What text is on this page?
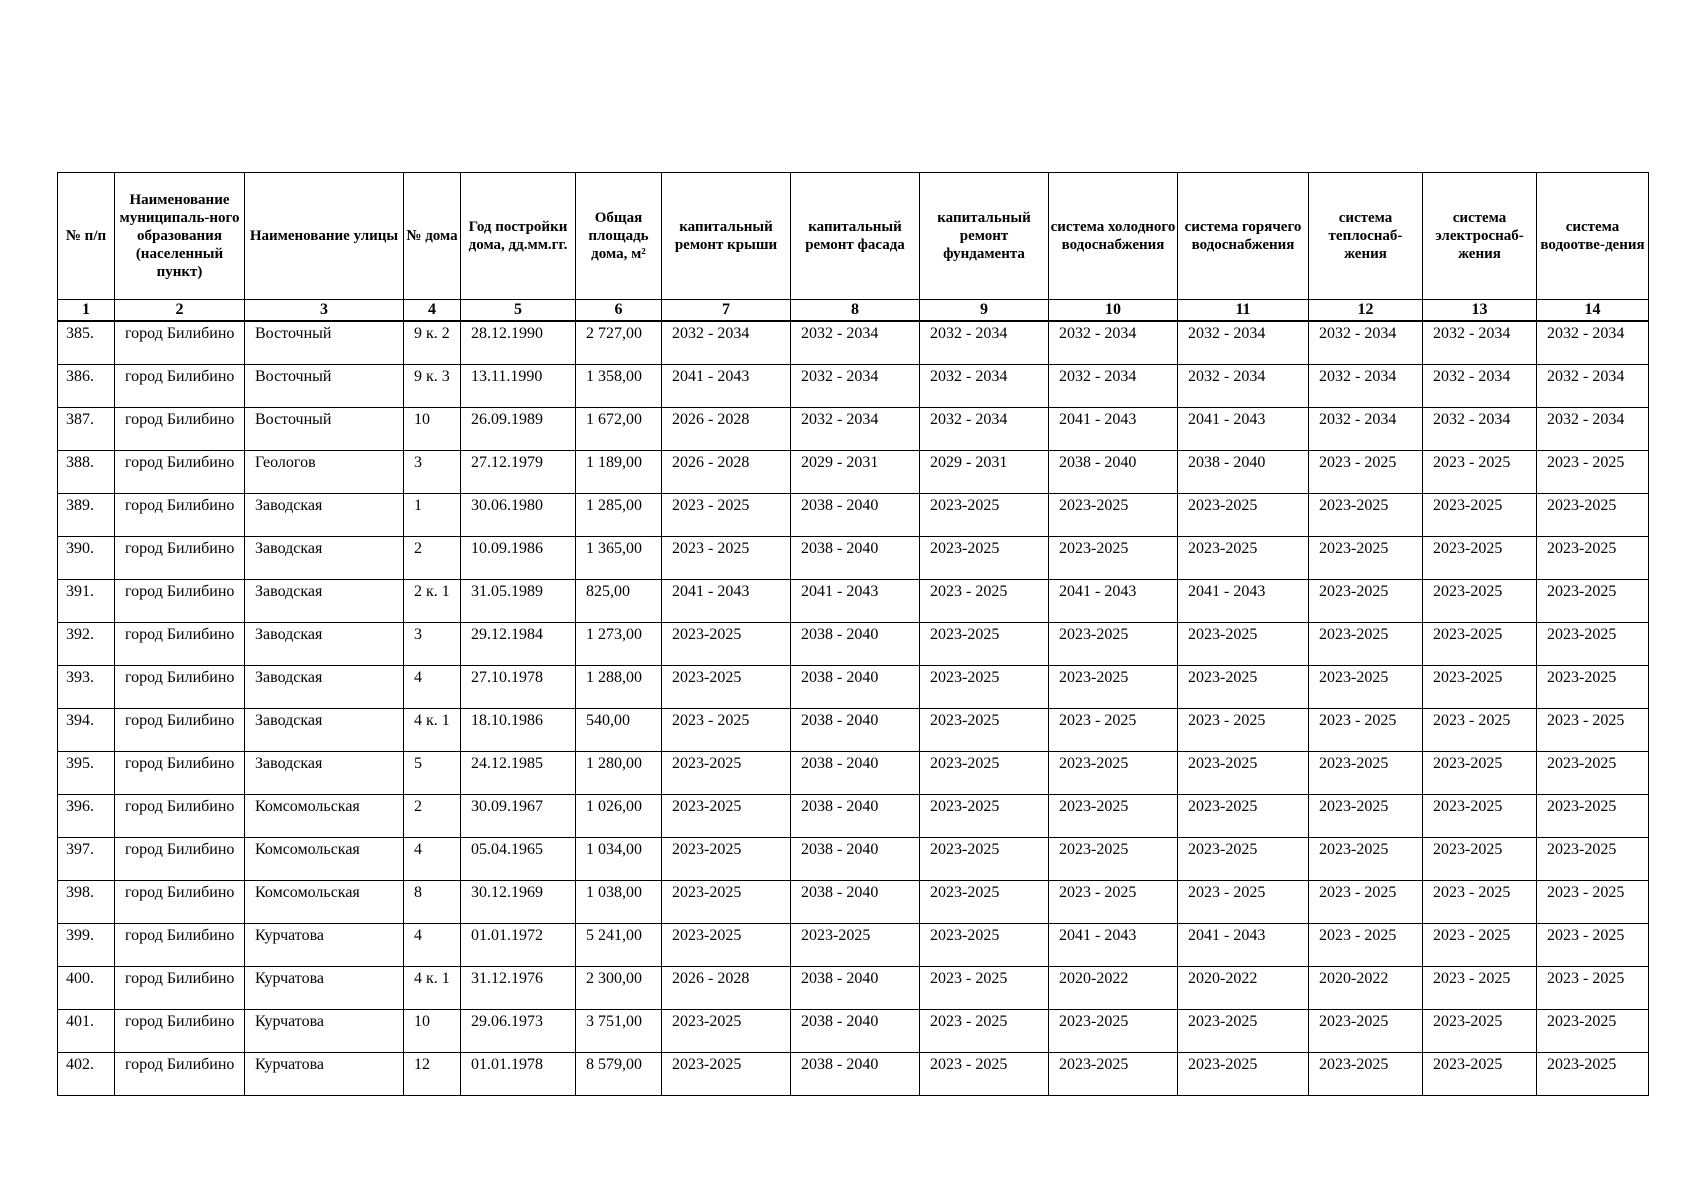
№ п/п	Наименование муниципаль-ного образования (населенный пункт)	Наименование улицы	№ дома	Год постройки дома, дд.мм.гг.	Общая площадь дома, м²	капитальный ремонт крыши	капитальный ремонт фасада	капитальный ремонт фундамента	система холодного водоснабжения	система горячего водоснабжения	система теплоснаб-жения	система электроснаб-жения	система водоотве-дения
1	2	3	4	5	6	7	8	9	10	11	12	13	14
385.	город Билибино	Восточный	9 к. 2	28.12.1990	2 727,00	2032 - 2034	2032 - 2034	2032 - 2034	2032 - 2034	2032 - 2034	2032 - 2034	2032 - 2034	2032 - 2034
386.	город Билибино	Восточный	9 к. 3	13.11.1990	1 358,00	2041 - 2043	2032 - 2034	2032 - 2034	2032 - 2034	2032 - 2034	2032 - 2034	2032 - 2034	2032 - 2034
387.	город Билибино	Восточный	10	26.09.1989	1 672,00	2026 - 2028	2032 - 2034	2032 - 2034	2041 - 2043	2041 - 2043	2032 - 2034	2032 - 2034	2032 - 2034
388.	город Билибино	Геологов	3	27.12.1979	1 189,00	2026 - 2028	2029 - 2031	2029 - 2031	2038 - 2040	2038 - 2040	2023 - 2025	2023 - 2025	2023 - 2025
389.	город Билибино	Заводская	1	30.06.1980	1 285,00	2023 - 2025	2038 - 2040	2023-2025	2023-2025	2023-2025	2023-2025	2023-2025	2023-2025
390.	город Билибино	Заводская	2	10.09.1986	1 365,00	2023 - 2025	2038 - 2040	2023-2025	2023-2025	2023-2025	2023-2025	2023-2025	2023-2025
391.	город Билибино	Заводская	2 к. 1	31.05.1989	825,00	2041 - 2043	2041 - 2043	2023 - 2025	2041 - 2043	2041 - 2043	2023-2025	2023-2025	2023-2025
392.	город Билибино	Заводская	3	29.12.1984	1 273,00	2023-2025	2038 - 2040	2023-2025	2023-2025	2023-2025	2023-2025	2023-2025	2023-2025
393.	город Билибино	Заводская	4	27.10.1978	1 288,00	2023-2025	2038 - 2040	2023-2025	2023-2025	2023-2025	2023-2025	2023-2025	2023-2025
394.	город Билибино	Заводская	4 к. 1	18.10.1986	540,00	2023 - 2025	2038 - 2040	2023-2025	2023 - 2025	2023 - 2025	2023 - 2025	2023 - 2025	2023 - 2025
395.	город Билибино	Заводская	5	24.12.1985	1 280,00	2023-2025	2038 - 2040	2023-2025	2023-2025	2023-2025	2023-2025	2023-2025	2023-2025
396.	город Билибино	Комсомольская	2	30.09.1967	1 026,00	2023-2025	2038 - 2040	2023-2025	2023-2025	2023-2025	2023-2025	2023-2025	2023-2025
397.	город Билибино	Комсомольская	4	05.04.1965	1 034,00	2023-2025	2038 - 2040	2023-2025	2023-2025	2023-2025	2023-2025	2023-2025	2023-2025
398.	город Билибино	Комсомольская	8	30.12.1969	1 038,00	2023-2025	2038 - 2040	2023-2025	2023 - 2025	2023 - 2025	2023 - 2025	2023 - 2025	2023 - 2025
399.	город Билибино	Курчатова	4	01.01.1972	5 241,00	2023-2025	2023-2025	2023-2025	2041 - 2043	2041 - 2043	2023 - 2025	2023 - 2025	2023 - 2025
400.	город Билибино	Курчатова	4 к. 1	31.12.1976	2 300,00	2026 - 2028	2038 - 2040	2023 - 2025	2020-2022	2020-2022	2020-2022	2023 - 2025	2023 - 2025
401.	город Билибино	Курчатова	10	29.06.1973	3 751,00	2023-2025	2038 - 2040	2023 - 2025	2023-2025	2023-2025	2023-2025	2023-2025	2023-2025
402.	город Билибино	Курчатова	12	01.01.1978	8 579,00	2023-2025	2038 - 2040	2023 - 2025	2023-2025	2023-2025	2023-2025	2023-2025	2023-2025
